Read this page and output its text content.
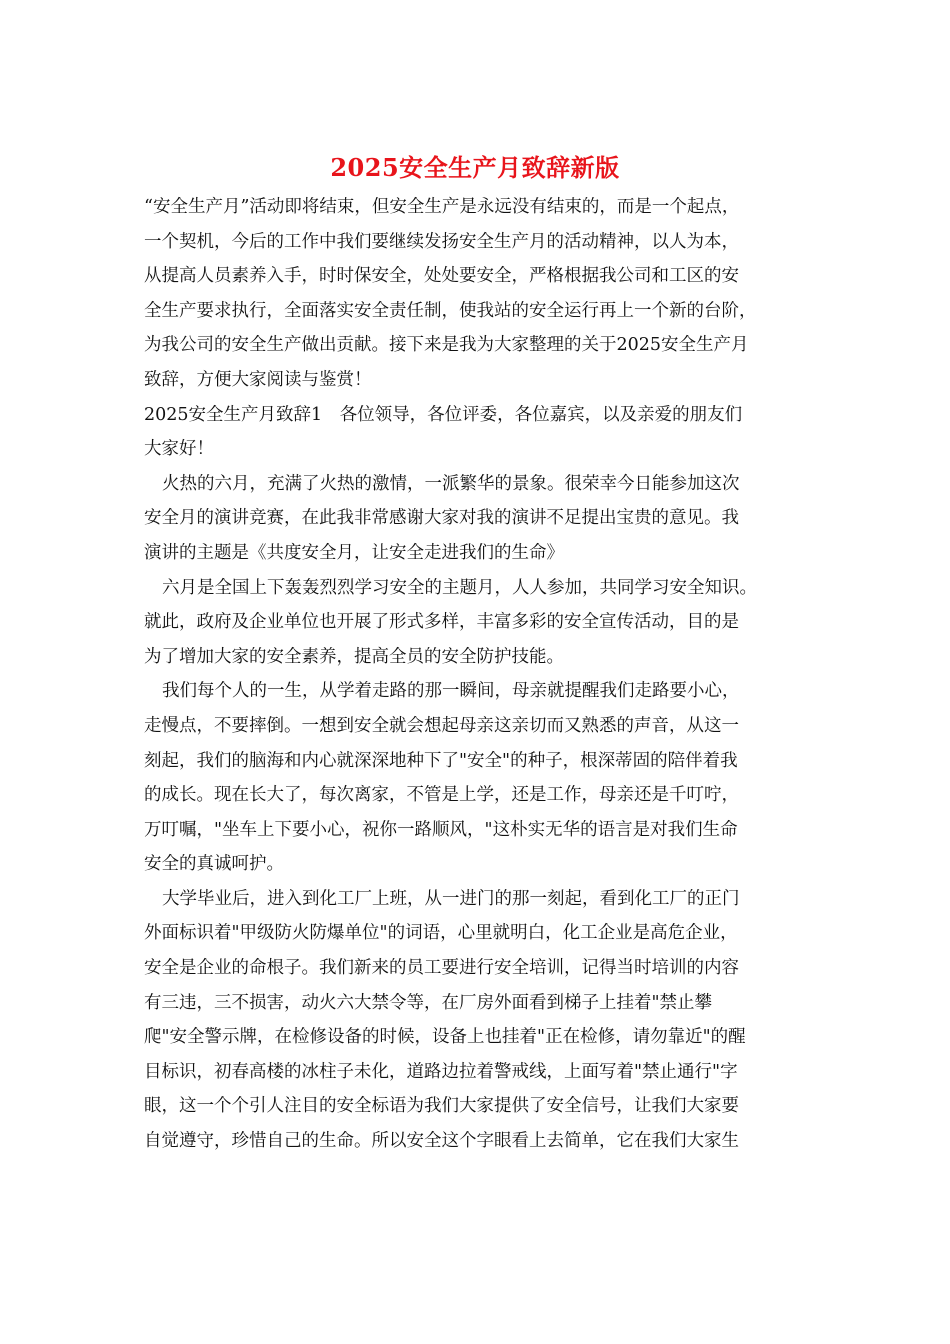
2025安全生产月致辞新版
“安全生产月”活动即将结束，但安全生产是永远没有结束的，而是一个起点，
一个契机，今后的工作中我们要继续发扬安全生产月的活动精神，以人为本，
从提高人员素养入手，时时保安全，处处要安全，严格根据我公司和工区的安
全生产要求执行，全面落实安全责任制，使我站的安全运行再上一个新的台阶，
为我公司的安全生产做出贡献。接下来是我为大家整理的关于2025安全生产月
致辞，方便大家阅读与鉴赏！
2025安全生产月致辞1　各位领导，各位评委，各位嘉宾，以及亲爱的朋友们
大家好！
火热的六月，充满了火热的激情，一派繁华的景象。很荣幸今日能参加这次
安全月的演讲竞赛，在此我非常感谢大家对我的演讲不足提出宝贵的意见。我
演讲的主题是《共度安全月，让安全走进我们的生命》
六月是全国上下轰轰烈烈学习安全的主题月，人人参加，共同学习安全知识。
就此，政府及企业单位也开展了形式多样，丰富多彩的安全宣传活动，目的是
为了增加大家的安全素养，提高全员的安全防护技能。
我们每个人的一生，从学着走路的那一瞬间，母亲就提醒我们走路要小心，
走慢点，不要摔倒。一想到安全就会想起母亲这亲切而又熟悉的声音，从这一
刻起，我们的脑海和内心就深深地种下了"安全"的种子，根深蒂固的陪伴着我
的成长。现在长大了，每次离家，不管是上学，还是工作，母亲还是千叮咛，
万叮嘱，"坐车上下要小心，祝你一路顺风，"这朴实无华的语言是对我们生命
安全的真诚呵护。
大学毕业后，进入到化工厂上班，从一进门的那一刻起，看到化工厂的正门
外面标识着"甲级防火防爆单位"的词语，心里就明白，化工企业是高危企业，
安全是企业的命根子。我们新来的员工要进行安全培训，记得当时培训的内容
有三违，三不损害，动火六大禁令等，在厂房外面看到梯子上挂着"禁止攀
爬"安全警示牌，在检修设备的时候，设备上也挂着"正在检修，请勿靠近"的醒
目标识，初春高楼的冰柱子未化，道路边拉着警戒线，上面写着"禁止通行"字
眼，这一个个引人注目的安全标语为我们大家提供了安全信号，让我们大家要
自觉遵守，珍惜自己的生命。所以安全这个字眼看上去简单，它在我们大家生
